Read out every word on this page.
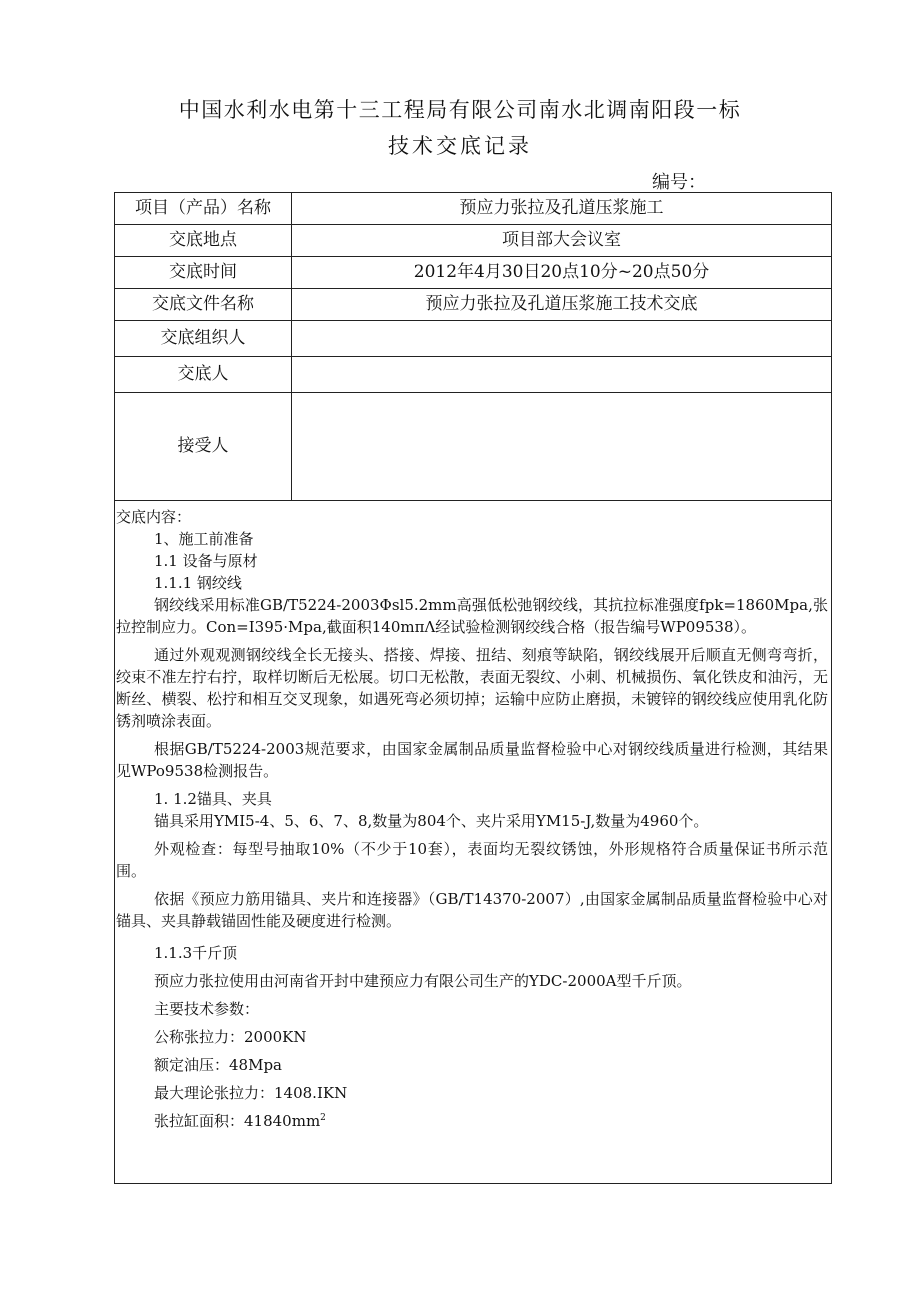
中国水利水电第十三工程局有限公司南水北调南阳段一标
技术交底记录
编号：
项目（产品）名称	预应力张拉及孔道压浆施工
交底地点	项目部大会议室
交底时间	2012年4月30日20点10分~20点50分
交底文件名称	预应力张拉及孔道压浆施工技术交底
交底组织人	
交底人	
接受人	

交底内容：

1、施工前准备

1.1 设备与原材

1.1.1 钢绞线

钢绞线采用标准GB/T5224-2003Φsl5.2mm高强低松弛钢绞线，其抗拉标准强度fpk=1860Mpa,张拉控制应力。Con=I395·Mpa,截面积140mπΛ经试验检测钢绞线合格（报告编号WP09538）。

通过外观观测钢绞线全长无接头、搭接、焊接、扭结、刻痕等缺陷，钢绞线展开后顺直无侧弯弯折，绞束不准左拧右拧，取样切断后无松展。切口无松散，表面无裂纹、小刺、机械损伤、氧化铁皮和油污，无断丝、横裂、松拧和相互交叉现象，如遇死弯必须切掉；运输中应防止磨损，未镀锌的钢绞线应使用乳化防锈剂喷涂表面。

根据GB/T5224-2003规范要求，由国家金属制品质量监督检验中心对钢绞线质量进行检测，其结果见WPo9538检测报告。

1. 1.2锚具、夹具

锚具采用YMI5-4、5、6、7、8,数量为804个、夹片采用YM15-J,数量为4960个。

外观检查：每型号抽取10%（不少于10套），表面均无裂纹锈蚀，外形规格符合质量保证书所示范围。

依据《预应力筋用锚具、夹片和连接器》（GB/T14370-2007）,由国家金属制品质量监督检验中心对锚具、夹具静载锚固性能及硬度进行检测。

1.1.3千斤顶

预应力张拉使用由河南省开封中建预应力有限公司生产的YDC-2000A型千斤顶。

主要技术参数：

公称张拉力：2000KN

额定油压：48Mpa

最大理论张拉力：1408.IKN

张拉缸面积：$41840mm^2$
